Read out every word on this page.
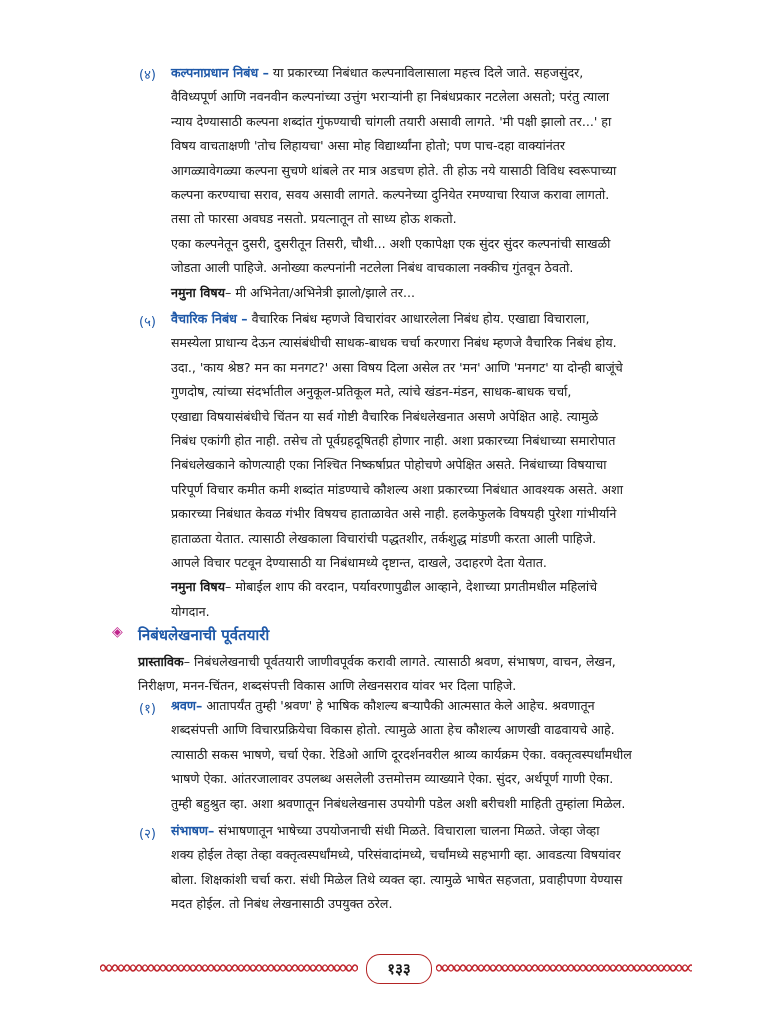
(४) कल्पनाप्रधान निबंध – या प्रकारच्या निबंधात कल्पनाविलासाला महत्त्व दिले जाते. सहजसुंदर,
वैविध्यपूर्ण आणि नवनवीन कल्पनांच्या उत्तुंग भराऱ्यांनी हा निबंधप्रकार नटलेला असतो; परंतु त्याला
न्याय देण्यासाठी कल्पना शब्दांत गुंफण्याची चांगली तयारी असावी लागते. 'मी पक्षी झालो तर...' हा
विषय वाचताक्षणी 'तोच लिहायचा' असा मोह विद्यार्थ्यांना होतो; पण पाच-दहा वाक्यांनंतर
आगळ्यावेगळ्या कल्पना सुचणे थांबले तर मात्र अडचण होते. ती होऊ नये यासाठी विविध स्वरूपाच्या
कल्पना करण्याचा सराव, सवय असावी लागते. कल्पनेच्या दुनियेत रमण्याचा रियाज करावा लागतो.
तसा तो फारसा अवघड नसतो. प्रयत्नातून तो साध्य होऊ शकतो.
एका कल्पनेतून दुसरी, दुसरीतून तिसरी, चौथी... अशी एकापेक्षा एक सुंदर सुंदर कल्पनांची साखळी
जोडता आली पाहिजे. अनोख्या कल्पनांनी नटलेला निबंध वाचकाला नक्कीच गुंतवून ठेवतो.
नमुना विषय– मी अभिनेता/अभिनेत्री झालो/झाले तर...
(५) वैचारिक निबंध – वैचारिक निबंध म्हणजे विचारांवर आधारलेला निबंध होय. एखाद्या विचाराला,
समस्येला प्राधान्य देऊन त्यासंबंधीची साधक-बाधक चर्चा करणारा निबंध म्हणजे वैचारिक निबंध होय.
उदा., 'काय श्रेष्ठ? मन का मनगट?' असा विषय दिला असेल तर 'मन' आणि 'मनगट' या दोन्ही बाजूंचे
गुणदोष, त्यांच्या संदर्भातील अनुकूल-प्रतिकूल मते, त्यांचे खंडन-मंडन, साधक-बाधक चर्चा,
एखाद्या विषयासंबंधीचे चिंतन या सर्व गोष्टी वैचारिक निबंधलेखनात असणे अपेक्षित आहे. त्यामुळे
निबंध एकांगी होत नाही. तसेच तो पूर्वग्रहदूषितही होणार नाही. अशा प्रकारच्या निबंधाच्या समारोपात
निबंधलेखकाने कोणत्याही एका निश्चित निष्कर्षाप्रत पोहोचणे अपेक्षित असते. निबंधाच्या विषयाचा
परिपूर्ण विचार कमीत कमी शब्दांत मांडण्याचे कौशल्य अशा प्रकारच्या निबंधात आवश्यक असते. अशा
प्रकारच्या निबंधात केवळ गंभीर विषयच हाताळावेत असे नाही. हलकेफुलके विषयही पुरेशा गांभीर्याने
हाताळता येतात. त्यासाठी लेखकाला विचारांची पद्धतशीर, तर्कशुद्ध मांडणी करता आली पाहिजे.
आपले विचार पटवून देण्यासाठी या निबंधामध्ये दृष्टान्त, दाखले, उदाहरणे देता येतात.
नमुना विषय– मोबाईल शाप की वरदान, पर्यावरणापुढील आव्हाने, देशाच्या प्रगतीमधील महिलांचे
योगदान.
◈ निबंधलेखनाची पूर्वतयारी
प्रास्ताविक– निबंधलेखनाची पूर्वतयारी जाणीवपूर्वक करावी लागते. त्यासाठी श्रवण, संभाषण, वाचन, लेखन,
निरीक्षण, मनन-चिंतन, शब्दसंपत्ती विकास आणि लेखनसराव यांवर भर दिला पाहिजे.
(१) श्रवण– आतापर्यंत तुम्ही 'श्रवण' हे भाषिक कौशल्य बऱ्यापैकी आत्मसात केले आहेच. श्रवणातून
शब्दसंपत्ती आणि विचारप्रक्रियेचा विकास होतो. त्यामुळे आता हेच कौशल्य आणखी वाढवायचे आहे.
त्यासाठी सकस भाषणे, चर्चा ऐका. रेडिओ आणि दूरदर्शनवरील श्राव्य कार्यक्रम ऐका. वक्तृत्वस्पर्धांमधील
भाषणे ऐका. आंतरजालावर उपलब्ध असलेली उत्तमोत्तम व्याख्याने ऐका. सुंदर, अर्थपूर्ण गाणी ऐका.
तुम्ही बहुश्रुत व्हा. अशा श्रवणातून निबंधलेखनास उपयोगी पडेल अशी बरीचशी माहिती तुम्हांला मिळेल.
(२) संभाषण– संभाषणातून भाषेच्या उपयोजनाची संधी मिळते. विचाराला चालना मिळते. जेव्हा जेव्हा
शक्य होईल तेव्हा तेव्हा वक्तृत्वस्पर्धांमध्ये, परिसंवादांमध्ये, चर्चांमध्ये सहभागी व्हा. आवडत्या विषयांवर
बोला. शिक्षकांशी चर्चा करा. संधी मिळेल तिथे व्यक्त व्हा. त्यामुळे भाषेत सहजता, प्रवाहीपणा येण्यास
मदत होईल. तो निबंध लेखनासाठी उपयुक्त ठरेल.
१३३
